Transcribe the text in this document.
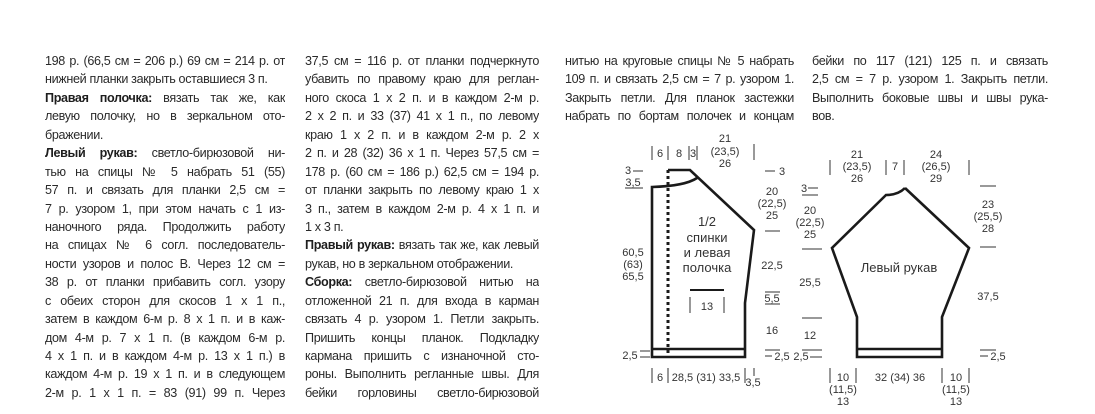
198 р. (66,5 см = 206 р.) 69 см = 214 р. от
нижней планки закрыть оставшиеся 3 п.
Правая полочка: вязать так же, как
левую полочку, но в зеркальном ото-
бражении.
Левый рукав: светло-бирюзовой ни-
тью на спицы № 5 набрать 51 (55)
57 п. и связать для планки 2,5 см =
7 р. узором 1, при этом начать с 1 из-
наночного ряда. Продолжить работу
на спицах № 6 согл. последователь-
ности узоров и полос В. Через 12 см =
38 р. от планки прибавить согл. узору
с обеих сторон для скосов 1 х 1 п.,
затем в каждом 6-м р. 8 х 1 п. и в каж-
дом 4-м р. 7 х 1 п. (в каждом 6-м р.
4 х 1 п. и в каждом 4-м р. 13 х 1 п.) в
каждом 4-м р. 19 х 1 п. и в следующем
2-м р. 1 х 1 п. = 83 (91) 99 п. Через
37,5 см = 116 р. от планки подчеркнуто
убавить по правому краю для реглан-
ного скоса 1 х 2 п. и в каждом 2-м р.
2 х 2 п. и 33 (37) 41 х 1 п., по левому
краю 1 х 2 п. и в каждом 2-м р. 2 х
2 п. и 28 (32) 36 х 1 п. Через 57,5 см =
178 р. (60 см = 186 р.) 62,5 см = 194 р.
от планки закрыть по левому краю 1 х
3 п., затем в каждом 2-м р. 4 х 1 п. и
1 х 3 п.
Правый рукав: вязать так же, как левый
рукав, но в зеркальном отображении.
Сборка: светло-бирюзовой нитью на
отложенной 21 п. для входа в карман
связать 4 р. узором 1. Петли закрыть.
Пришить концы планок. Подкладку
кармана пришить с изнаночной сто-
роны. Выполнить регланные швы. Для
бейки горловины светло-бирюзовой
нитью на круговые спицы № 5 набрать
109 п. и связать 2,5 см = 7 р. узором 1.
Закрыть петли. Для планок застежки
набрать по бортам полочек и концам
бейки по 117 (121) 125 п. и связать
2,5 см = 7 р. узором 1. Закрыть петли.
Выполнить боковые швы и швы рука-
вов.
6 8 3
21
(23,5)
26
3
3,5
60,5
(63)
65,5
2,5
3
20
(22,5)
25
22,5
5,5
16
2,5
1/2
спинки
и левая
полочка
13
6 28,5 (31) 33,5 3,5
21
(23,5)
26
7
24
(26,5)
29
3
20
(22,5)
25
25,5
12
2,5
23
(25,5)
28
37,5
2,5
Левый рукав
10
(11,5)
13
32 (34) 36 10
(11,5)
13
